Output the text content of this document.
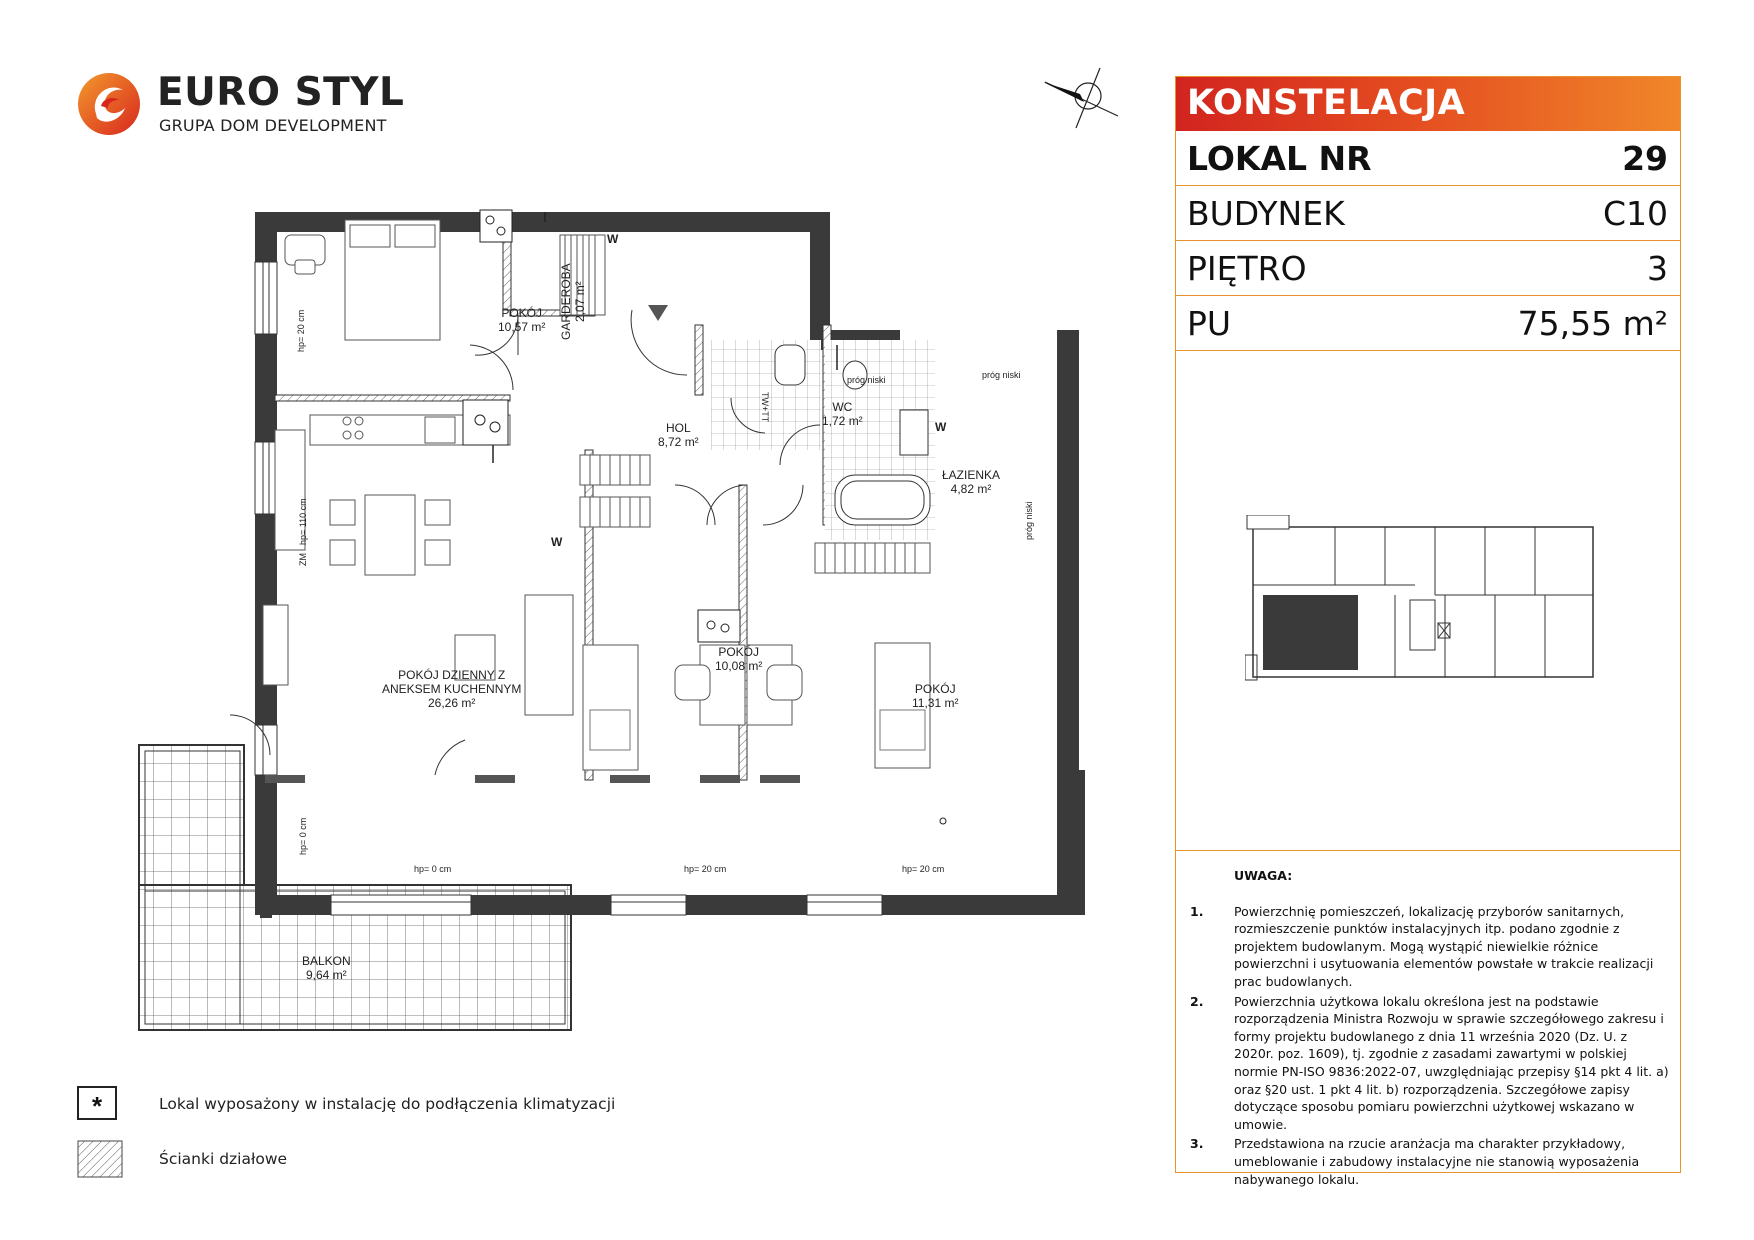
EURO STYL
GRUPA DOM DEVELOPMENT
POKÓJ
10,57 m² GARDEROBA 2,07 m²
HOL
8,72 m²
WC
1,72 m²
ŁAZIENKA
4,82 m²
POKÓJ DZIENNY Z
ANEKSEM KUCHENNYM
26,26 m²
POKÓJ
10,08 m²
POKÓJ
11,31 m²
BALKON
9,64 m²
hp= 0 cm	hp= 20 cm	hp= 20 cm
hp= 20 cm
hp= 110 cm
ZM
hp= 0 cm
próg niski	próg niski
próg niski
TW+TT
W
W
W
KONSTELACJA
LOKAL NR	29
BUDYNEK	C10
PIĘTRO	3
PU	75,55 m²
UWAGA:
1. Powierzchnię pomieszczeń, lokalizację przyborów sanitarnych, rozmieszczenie punktów instalacyjnych itp. podano zgodnie z projektem budowlanym. Mogą wystąpić niewielkie różnice powierzchni i usytuowania elementów powstałe w trakcie realizacji prac budowlanych.
2. Powierzchnia użytkowa lokalu określona jest na podstawie rozporządzenia Ministra Rozwoju w sprawie szczegółowego zakresu i formy projektu budowlanego z dnia 11 września 2020 (Dz. U. z 2020r. poz. 1609), tj. zgodnie z zasadami zawartymi w polskiej normie PN-ISO 9836:2022-07, uwzględniając przepisy §14 pkt 4 lit. a) oraz §20 ust. 1 pkt 4 lit. b) rozporządzenia. Szczegółowe zapisy dotyczące sposobu pomiaru powierzchni użytkowej wskazano w umowie.
3. Przedstawiona na rzucie aranżacja ma charakter przykładowy, umeblowanie i zabudowy instalacyjne nie stanowią wyposażenia nabywanego lokalu.
*	Lokal wyposażony w instalację do podłączenia klimatyzacji
Ścianki działowe
